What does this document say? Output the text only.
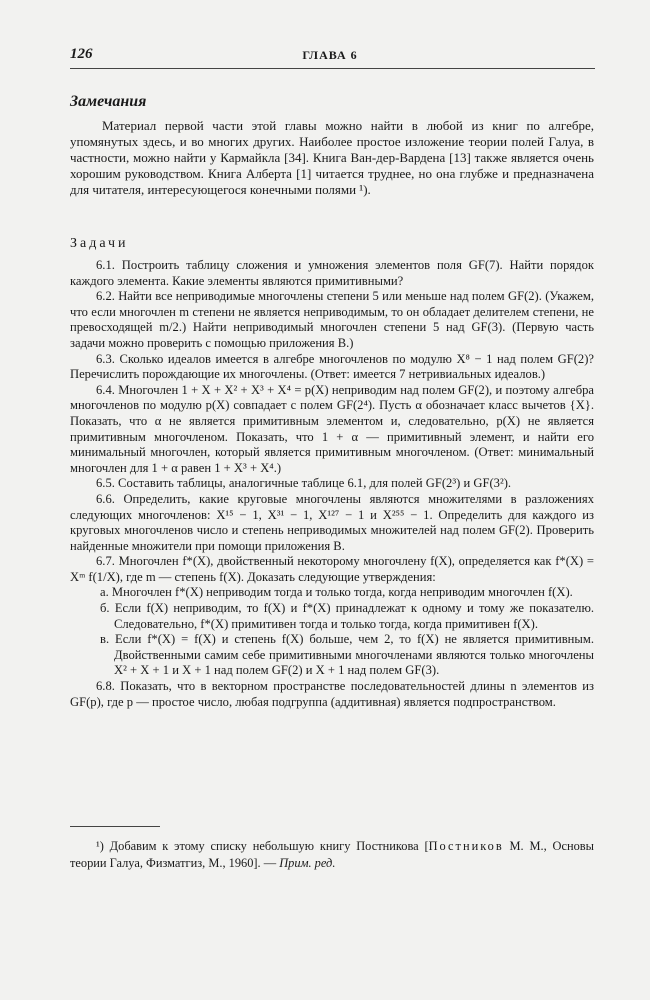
126	ГЛАВА 6
Замечания

Материал первой части этой главы можно найти в любой из книг по алгебре, упомянутых здесь, и во многих других. Наиболее простое изложение теории полей Галуа, в частности, можно найти у Кармайкла [34]. Книга Ван-дер-Вардена [13] также является очень хорошим руководством. Книга Алберта [1] читается труднее, но она глубже и предназначена для читателя, интересующегося конечными полями ¹).

Задачи

6.1. Построить таблицу сложения и умножения элементов поля GF(7). Найти порядок каждого элемента. Какие элементы являются примитивными?

6.2. Найти все неприводимые многочлены степени 5 или меньше над полем GF(2). (Укажем, что если многочлен m степени не является неприводимым, то он обладает делителем степени, не превосходящей m/2.) Найти неприводимый многочлен степени 5 над GF(3). (Первую часть задачи можно проверить с помощью приложения В.)

6.3. Сколько идеалов имеется в алгебре многочленов по модулю X⁸ − 1 над полем GF(2)? Перечислить порождающие их многочлены. (Ответ: имеется 7 нетривиальных идеалов.)

6.4. Многочлен 1 + X + X² + X³ + X⁴ = p(X) неприводим над полем GF(2), и поэтому алгебра многочленов по модулю p(X) совпадает с полем GF(2⁴). Пусть α обозначает класс вычетов {X}. Показать, что α не является примитивным элементом и, следовательно, p(X) не является примитивным многочленом. Показать, что 1 + α — примитивный элемент, и найти его минимальный многочлен, который является примитивным многочленом. (Ответ: минимальный многочлен для 1 + α равен 1 + X³ + X⁴.)

6.5. Составить таблицы, аналогичные таблице 6.1, для полей GF(2³) и GF(3²).

6.6. Определить, какие круговые многочлены являются множителями в разложениях следующих многочленов: X¹⁵ − 1, X³¹ − 1, X¹²⁷ − 1 и X²⁵⁵ − 1. Определить для каждого из круговых многочленов число и степень неприводимых множителей над полем GF(2). Проверить найденные множители при помощи приложения В.

6.7. Многочлен f*(X), двойственный некоторому многочлену f(X), определяется как f*(X) = Xᵐ f(1/X), где m — степень f(X). Доказать следующие утверждения:

а. Многочлен f*(X) неприводим тогда и только тогда, когда неприводим многочлен f(X).

б. Если f(X) неприводим, то f(X) и f*(X) принадлежат к одному и тому же показателю. Следовательно, f*(X) примитивен тогда и только тогда, когда примитивен f(X).

в. Если f*(X) = f(X) и степень f(X) больше, чем 2, то f(X) не является примитивным. Двойственными самим себе примитивными многочленами являются только многочлены X² + X + 1 и X + 1 над полем GF(2) и X + 1 над полем GF(3).

6.8. Показать, что в векторном пространстве последовательностей длины n элементов из GF(p), где p — простое число, любая подгруппа (аддитивная) является подпространством.

¹) Добавим к этому списку небольшую книгу Постникова [Постников М. М., Основы теории Галуа, Физматгиз, М., 1960]. — Прим. ред.
